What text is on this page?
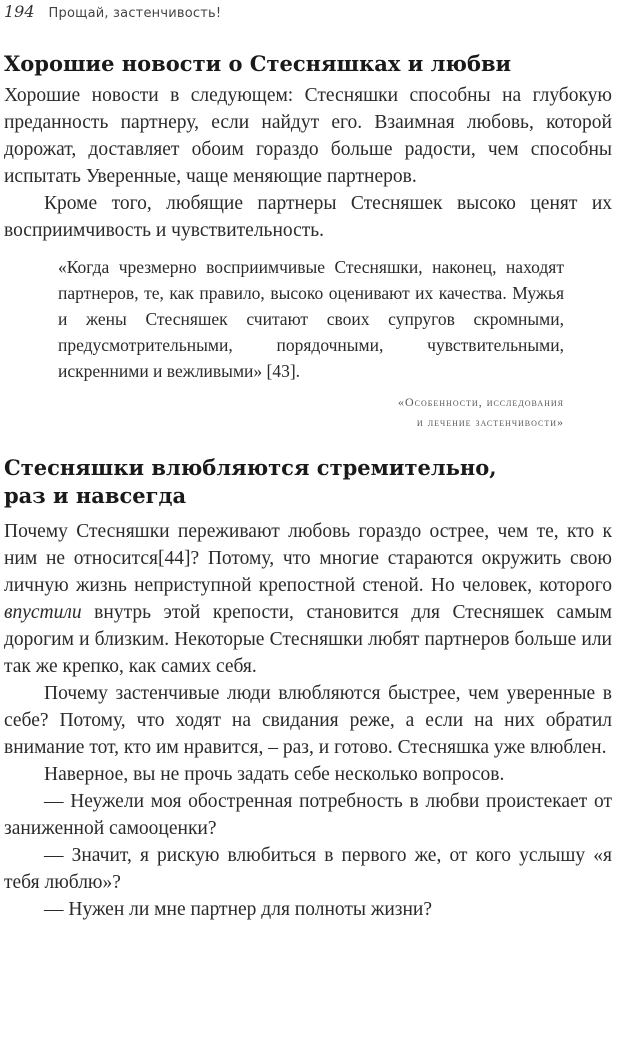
194 Прощай, застенчивость!
Хорошие новости о Стесняшках и любви

Хорошие новости в следующем: Стесняшки способны на глубокую преданность партнеру, если найдут его. Взаимная любовь, которой дорожат, доставляет обоим гораздо больше радости, чем способны испытать Уверенные, чаще меняющие партнеров.

Кроме того, любящие партнеры Стесняшек высоко ценят их восприимчивость и чувствительность.

«Когда чрезмерно восприимчивые Стесняшки, наконец, находят партнеров, те, как правило, высоко оценивают их качества. Мужья и жены Стесняшек считают своих супругов скромными, предусмотрительными, порядочными, чувствительными, искренними и вежливыми» [43].

«Особенности, исследования
и лечение застенчивости»
Стесняшки влюбляются стремительно,
раз и навсегда

Почему Стесняшки переживают любовь гораздо острее, чем те, кто к ним не относится[44]? Потому, что многие стараются окружить свою личную жизнь неприступной крепостной стеной. Но человек, которого впустили внутрь этой крепости, становится для Стесняшек самым дорогим и близким. Некоторые Стесняшки любят партнеров больше или так же крепко, как самих себя.

Почему застенчивые люди влюбляются быстрее, чем уверенные в себе? Потому, что ходят на свидания реже, а если на них обратил внимание тот, кто им нравится, – раз, и готово. Стесняшка уже влюблен.

Наверное, вы не прочь задать себе несколько вопросов.

— Неужели моя обостренная потребность в любви проистекает от заниженной самооценки?

— Значит, я рискую влюбиться в первого же, от кого услышу «я тебя люблю»?

— Нужен ли мне партнер для полноты жизни?
